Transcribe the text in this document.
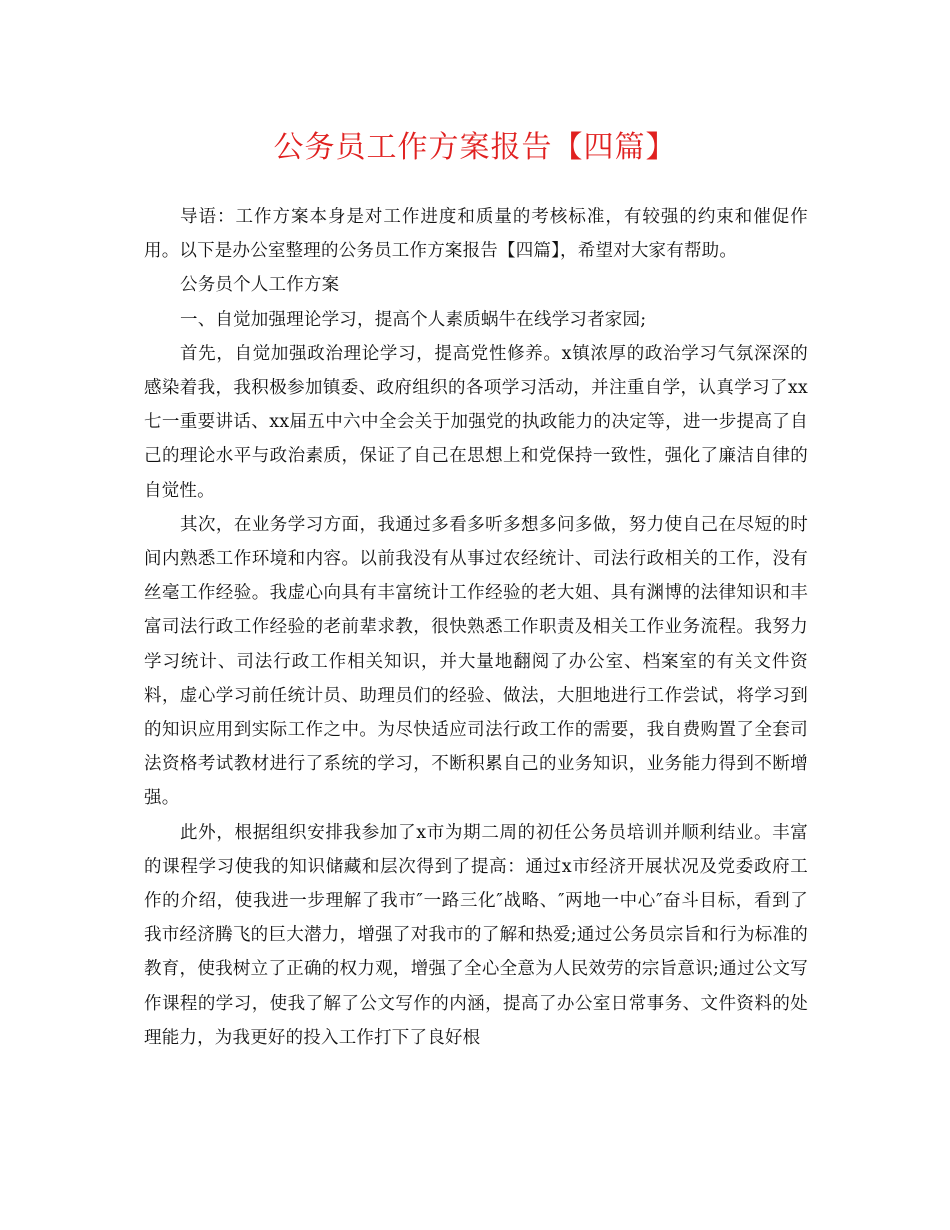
公务员工作方案报告【四篇】

导语：工作方案本身是对工作进度和质量的考核标准，有较强的约束和催促作用。以下是办公室整理的公务员工作方案报告【四篇】，希望对大家有帮助。

公务员个人工作方案

一、自觉加强理论学习，提高个人素质蜗牛在线学习者家园;

首先，自觉加强政治理论学习，提高党性修养。x镇浓厚的政治学习气氛深深的感染着我，我积极参加镇委、政府组织的各项学习活动，并注重自学，认真学习了xx七一重要讲话、xx届五中六中全会关于加强党的执政能力的决定等，进一步提高了自己的理论水平与政治素质，保证了自己在思想上和党保持一致性，强化了廉洁自律的自觉性。

其次，在业务学习方面，我通过多看多听多想多问多做，努力使自己在尽短的时间内熟悉工作环境和内容。以前我没有从事过农经统计、司法行政相关的工作，没有丝毫工作经验。我虚心向具有丰富统计工作经验的老大姐、具有渊博的法律知识和丰富司法行政工作经验的老前辈求教，很快熟悉工作职责及相关工作业务流程。我努力学习统计、司法行政工作相关知识，并大量地翻阅了办公室、档案室的有关文件资料，虚心学习前任统计员、助理员们的经验、做法，大胆地进行工作尝试，将学习到的知识应用到实际工作之中。为尽快适应司法行政工作的需要，我自费购置了全套司法资格考试教材进行了系统的学习，不断积累自己的业务知识，业务能力得到不断增强。

此外，根据组织安排我参加了x市为期二周的初任公务员培训并顺利结业。丰富的课程学习使我的知识储藏和层次得到了提高：通过x市经济开展状况及党委政府工作的介绍，使我进一步理解了我市″一路三化″战略、″两地一中心″奋斗目标，看到了我市经济腾飞的巨大潜力，增强了对我市的了解和热爱;通过公务员宗旨和行为标准的教育，使我树立了正确的权力观，增强了全心全意为人民效劳的宗旨意识;通过公文写作课程的学习，使我了解了公文写作的内涵，提高了办公室日常事务、文件资料的处理能力，为我更好的投入工作打下了良好根
